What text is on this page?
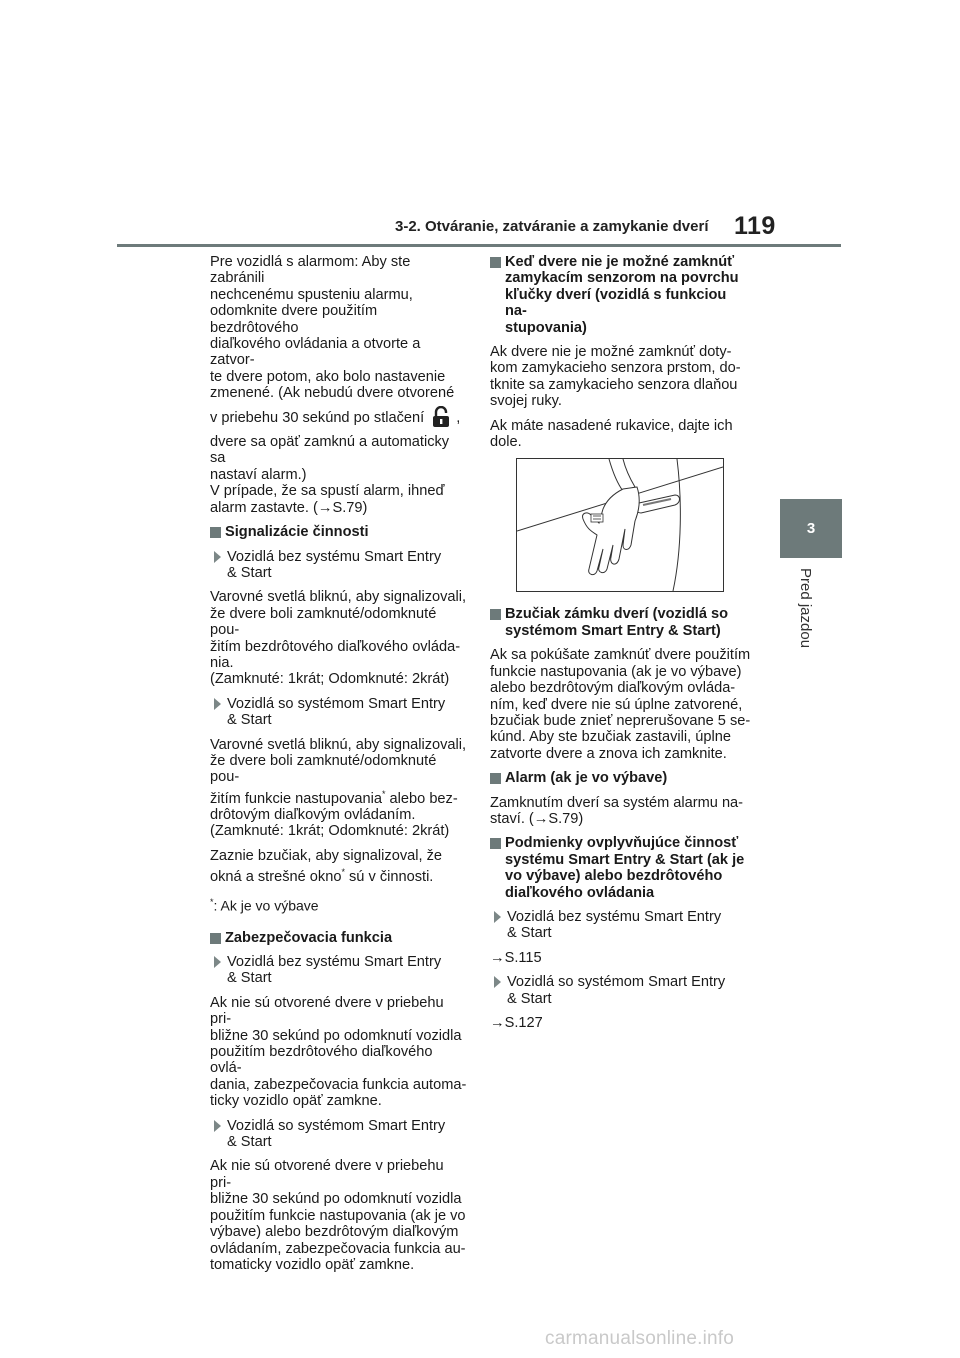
3-2. Otváranie, zatváranie a zamykanie dverí 119
3
Pred jazdou
Pre vozidlá s alarmom: Aby ste zabránili
nechcenému spusteniu alarmu,
odomknite dvere použitím bezdrôtového
diaľkového ovládania a otvorte a zatvor-
te dvere potom, ako bolo nastavenie
zmenené. (Ak nebudú dvere otvorené
v priebehu 30 sekúnd po stlačení ,
dvere sa opäť zamknú a automaticky sa
nastaví alarm.)
V prípade, že sa spustí alarm, ihneď
alarm zastavte. (→S.79)
Signalizácie činnosti
Vozidlá bez systému Smart Entry
& Start
Varovné svetlá bliknú, aby signalizovali,
že dvere boli zamknuté/odomknuté pou-
žitím bezdrôtového diaľkového ovláda-
nia.
(Zamknuté: 1krát; Odomknuté: 2krát)
Vozidlá so systémom Smart Entry
& Start
Varovné svetlá bliknú, aby signalizovali,
že dvere boli zamknuté/odomknuté pou-
žitím funkcie nastupovania* alebo bez-
drôtovým diaľkovým ovládaním.
(Zamknuté: 1krát; Odomknuté: 2krát)
Zaznie bzučiak, aby signalizoval, že
okná a strešné okno* sú v činnosti.
*: Ak je vo výbave
Zabezpečovacia funkcia
Vozidlá bez systému Smart Entry
& Start
Ak nie sú otvorené dvere v priebehu pri-
bližne 30 sekúnd po odomknutí vozidla
použitím bezdrôtového diaľkového ovlá-
dania, zabezpečovacia funkcia automa-
ticky vozidlo opäť zamkne.
Vozidlá so systémom Smart Entry
& Start
Ak nie sú otvorené dvere v priebehu pri-
bližne 30 sekúnd po odomknutí vozidla
použitím funkcie nastupovania (ak je vo
výbave) alebo bezdrôtovým diaľkovým
ovládaním, zabezpečovacia funkcia au-
tomaticky vozidlo opäť zamkne.
Keď dvere nie je možné zamknúť
zamykacím senzorom na povrchu
kľučky dverí (vozidlá s funkciou na-
stupovania)
Ak dvere nie je možné zamknúť doty-
kom zamykacieho senzora prstom, do-
tknite sa zamykacieho senzora dlaňou
svojej ruky.
Ak máte nasadené rukavice, dajte ich
dole.
Bzučiak zámku dverí (vozidlá so
systémom Smart Entry & Start)
Ak sa pokúšate zamknúť dvere použitím
funkcie nastupovania (ak je vo výbave)
alebo bezdrôtovým diaľkovým ovláda-
ním, keď dvere nie sú úplne zatvorené,
bzučiak bude znieť neprerušovane 5 se-
kúnd. Aby ste bzučiak zastavili, úplne
zatvorte dvere a znova ich zamknite.
Alarm (ak je vo výbave)
Zamknutím dverí sa systém alarmu na-
staví. (→S.79)
Podmienky ovplyvňujúce činnosť
systému Smart Entry & Start (ak je
vo výbave) alebo bezdrôtového
diaľkového ovládania
Vozidlá bez systému Smart Entry
& Start
→S.115
Vozidlá so systémom Smart Entry
& Start
→S.127
carmanualsonline.info
